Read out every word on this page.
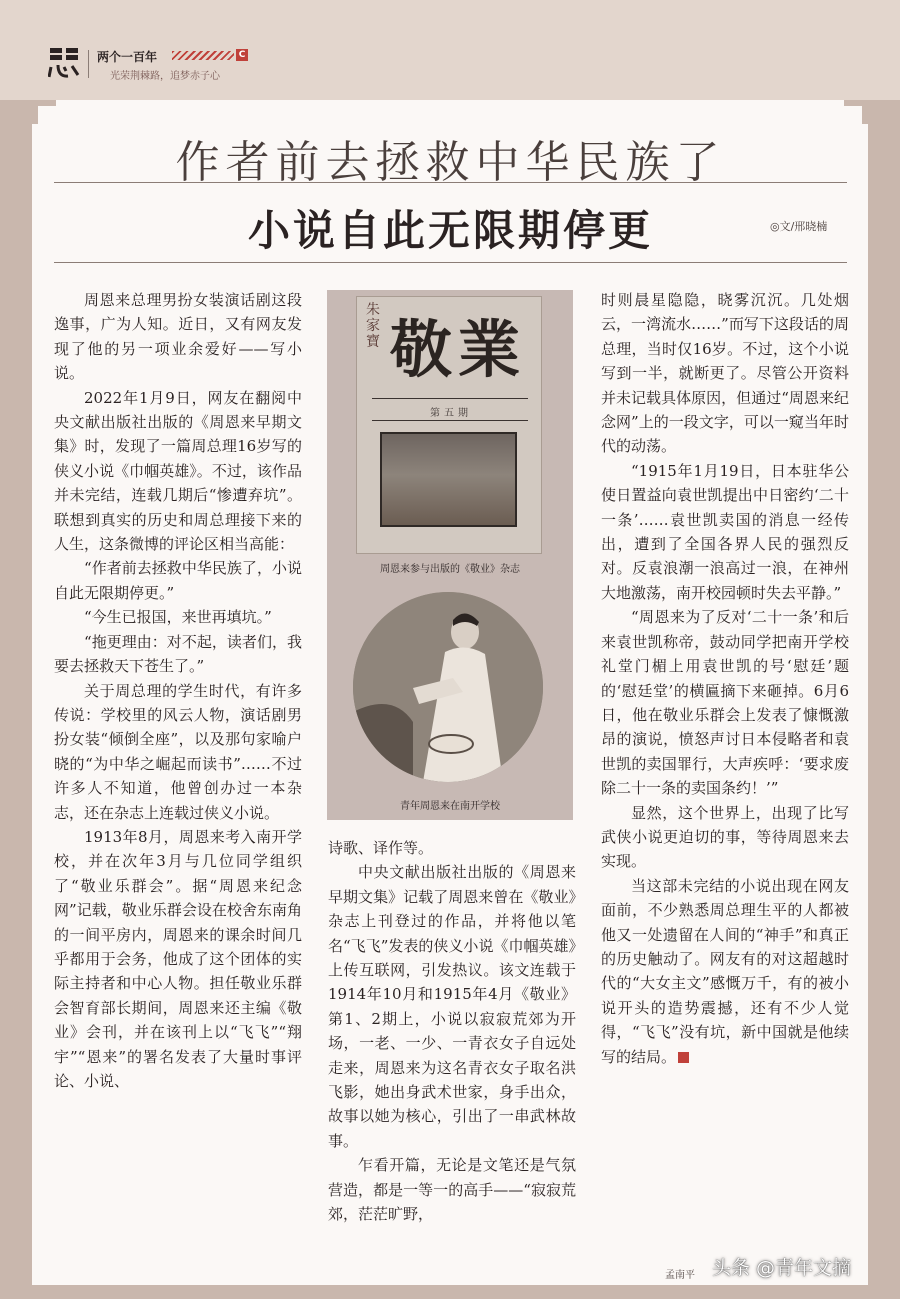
两个一百年	C
光荣荆棘路，追梦赤子心
作者前去拯救中华民族了
小说自此无限期停更	◎文/邢晓楠

周恩来总理男扮女装演话剧这段逸事，广为人知。近日，又有网友发现了他的另一项业余爱好——写小说。

2022年1月9日，网友在翻阅中央文献出版社出版的《周恩来早期文集》时，发现了一篇周总理16岁写的侠义小说《巾帼英雄》。不过，该作品并未完结，连载几期后“惨遭弃坑”。联想到真实的历史和周总理接下来的人生，这条微博的评论区相当高能：

“作者前去拯救中华民族了，小说自此无限期停更。”

“今生已报国，来世再填坑。”

“拖更理由：对不起，读者们，我要去拯救天下苍生了。”

关于周总理的学生时代，有许多传说：学校里的风云人物，演话剧男扮女装“倾倒全座”，以及那句家喻户晓的“为中华之崛起而读书”……不过许多人不知道，他曾创办过一本杂志，还在杂志上连载过侠义小说。

1913年8月，周恩来考入南开学校，并在次年3月与几位同学组织了“敬业乐群会”。据“周恩来纪念网”记载，敬业乐群会设在校舍东南角的一间平房内，周恩来的课余时间几乎都用于会务，他成了这个团体的实际主持者和中心人物。担任敬业乐群会智育部长期间，周恩来还主编《敬业》会刊，并在该刊上以“飞飞”“翔宇”“恩来”的署名发表了大量时事评论、小说、

朱家寶 敬業
第五期
周恩来参与出版的《敬业》杂志
青年周恩来在南开学校
诗歌、译作等。

中央文献出版社出版的《周恩来早期文集》记载了周恩来曾在《敬业》杂志上刊登过的作品，并将他以笔名“飞飞”发表的侠义小说《巾帼英雄》上传互联网，引发热议。该文连载于1914年10月和1915年4月《敬业》第1、2期上，小说以寂寂荒郊为开场，一老、一少、一青衣女子自远处走来，周恩来为这名青衣女子取名洪飞影，她出身武术世家，身手出众，故事以她为核心，引出了一串武林故事。

乍看开篇，无论是文笔还是气氛营造，都是一等一的高手——“寂寂荒郊，茫茫旷野，

时则晨星隐隐，晓雾沉沉。几处烟云，一湾流水……”而写下这段话的周总理，当时仅16岁。不过，这个小说写到一半，就断更了。尽管公开资料并未记载具体原因，但通过“周恩来纪念网”上的一段文字，可以一窥当年时代的动荡。

“1915年1月19日，日本驻华公使日置益向袁世凯提出中日密约‘二十一条’……袁世凯卖国的消息一经传出，遭到了全国各界人民的强烈反对。反袁浪潮一浪高过一浪，在神州大地激荡，南开校园顿时失去平静。”

“周恩来为了反对‘二十一条’和后来袁世凯称帝，鼓动同学把南开学校礼堂门楣上用袁世凯的号‘慰廷’题的‘慰廷堂’的横匾摘下来砸掉。6月6日，他在敬业乐群会上发表了慷慨激昂的演说，愤怒声讨日本侵略者和袁世凯的卖国罪行，大声疾呼：‘要求废除二十一条的卖国条约！’”

显然，这个世界上，出现了比写武侠小说更迫切的事，等待周恩来去实现。

当这部未完结的小说出现在网友面前，不少熟悉周总理生平的人都被他又一处遗留在人间的“神手”和真正的历史触动了。网友有的对这超越时代的“大女主文”感慨万千，有的被小说开头的造势震撼，还有不少人觉得，“飞飞”没有坑，新中国就是他续写的结局。

孟南平 头条 @青年文摘
